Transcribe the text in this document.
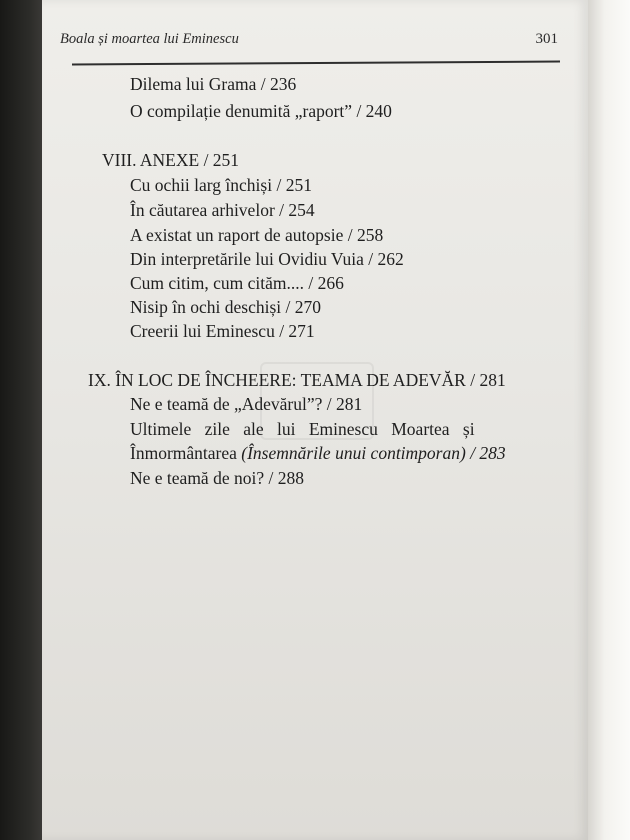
Boala și moartea lui Eminescu	301
Dilema lui Grama / 236
O compilație denumită „raport” / 240
VIII. ANEXE / 251
Cu ochii larg închiși / 251
În căutarea arhivelor / 254
A existat un raport de autopsie / 258
Din interpretările lui Ovidiu Vuia / 262
Cum citim, cum cităm.... / 266
Nisip în ochi deschiși / 270
Creerii lui Eminescu / 271
IX. ÎN LOC DE ÎNCHEERE: TEAMA DE ADEVĂR / 281
Ne e teamă de „Adevărul”? / 281
Ultimele zile ale lui Eminescu Moartea și
Înmormântarea (Însemnările unui contimporan) / 283
Ne e teamă de noi? / 288
